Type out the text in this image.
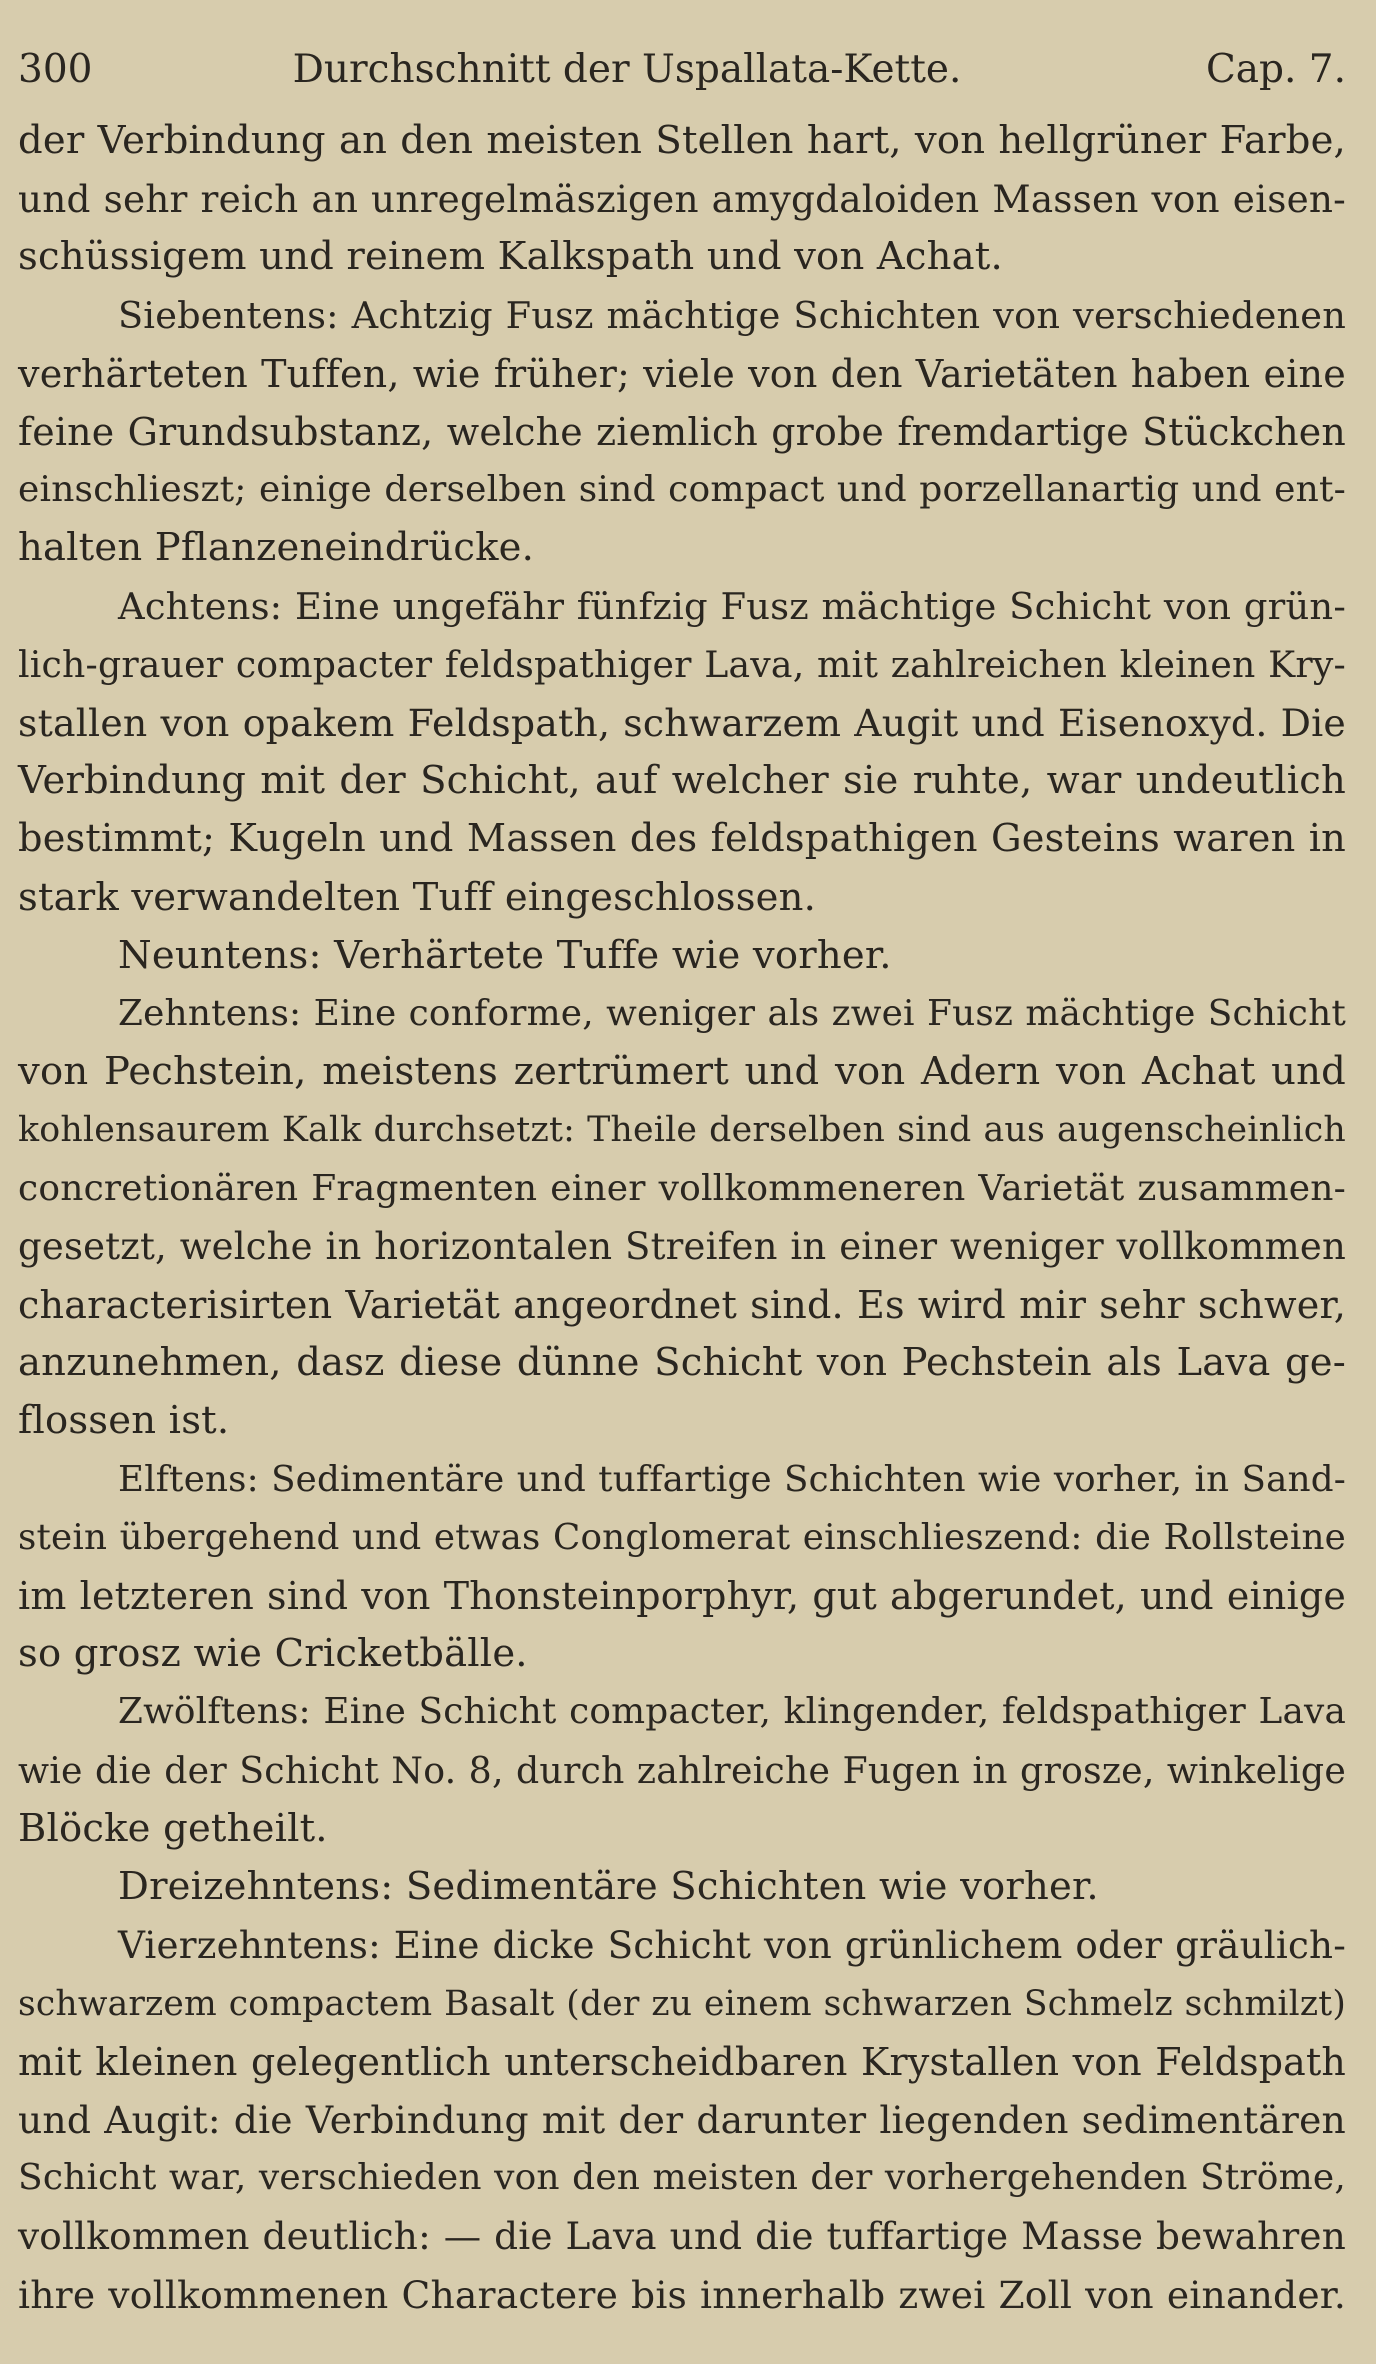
300	Durchschnitt der Uspallata-Kette.	Cap. 7.
der Verbindung an den meisten Stellen hart, von hellgrüner Farbe,
und sehr reich an unregelmäszigen amygdaloiden Massen von eisen-
schüssigem und reinem Kalkspath und von Achat.
Siebentens: Achtzig Fusz mächtige Schichten von verschiedenen
verhärteten Tuffen, wie früher; viele von den Varietäten haben eine
feine Grundsubstanz, welche ziemlich grobe fremdartige Stückchen
einschlieszt; einige derselben sind compact und porzellanartig und ent-
halten Pflanzeneindrücke.
Achtens: Eine ungefähr fünfzig Fusz mächtige Schicht von grün-
lich-grauer compacter feldspathiger Lava, mit zahlreichen kleinen Kry-
stallen von opakem Feldspath, schwarzem Augit und Eisenoxyd. Die
Verbindung mit der Schicht, auf welcher sie ruhte, war undeutlich
bestimmt; Kugeln und Massen des feldspathigen Gesteins waren in
stark verwandelten Tuff eingeschlossen.
Neuntens: Verhärtete Tuffe wie vorher.
Zehntens: Eine conforme, weniger als zwei Fusz mächtige Schicht
von Pechstein, meistens zertrümert und von Adern von Achat und
kohlensaurem Kalk durchsetzt: Theile derselben sind aus augenscheinlich
concretionären Fragmenten einer vollkommeneren Varietät zusammen-
gesetzt, welche in horizontalen Streifen in einer weniger vollkommen
characterisirten Varietät angeordnet sind. Es wird mir sehr schwer,
anzunehmen, dasz diese dünne Schicht von Pechstein als Lava ge-
flossen ist.
Elftens: Sedimentäre und tuffartige Schichten wie vorher, in Sand-
stein übergehend und etwas Conglomerat einschlieszend: die Rollsteine
im letzteren sind von Thonsteinporphyr, gut abgerundet, und einige
so grosz wie Cricketbälle.
Zwölftens: Eine Schicht compacter, klingender, feldspathiger Lava
wie die der Schicht No. 8, durch zahlreiche Fugen in grosze, winkelige
Blöcke getheilt.
Dreizehntens: Sedimentäre Schichten wie vorher.
Vierzehntens: Eine dicke Schicht von grünlichem oder gräulich-
schwarzem compactem Basalt (der zu einem schwarzen Schmelz schmilzt)
mit kleinen gelegentlich unterscheidbaren Krystallen von Feldspath
und Augit: die Verbindung mit der darunter liegenden sedimentären
Schicht war, verschieden von den meisten der vorhergehenden Ströme,
vollkommen deutlich: — die Lava und die tuffartige Masse bewahren
ihre vollkommenen Charactere bis innerhalb zwei Zoll von einander.
